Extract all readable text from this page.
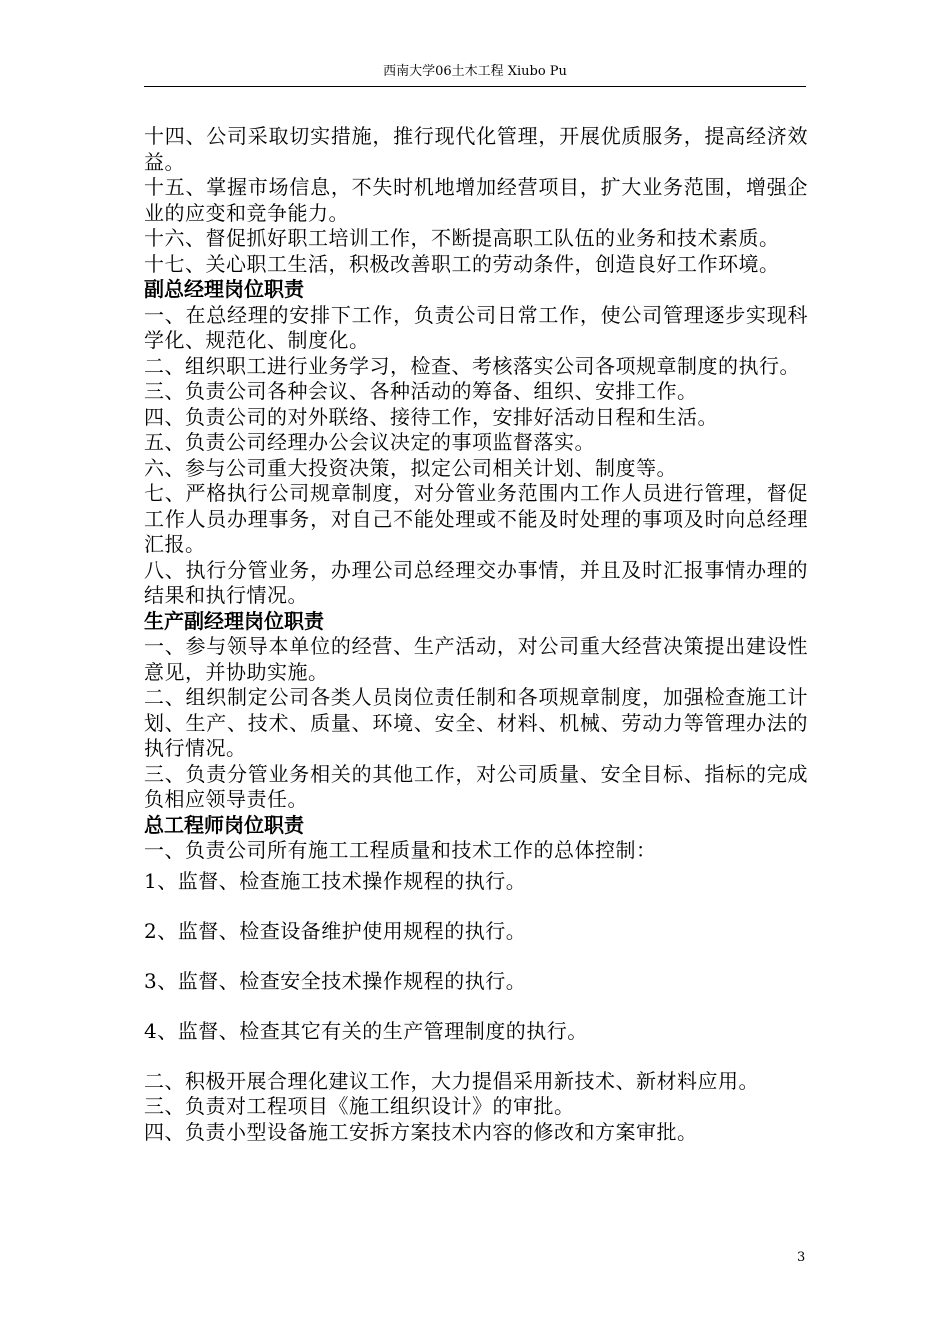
西南大学06土木工程 Xiubo Pu

十四、公司采取切实措施，推行现代化管理，开展优质服务，提高经济效益。

十五、掌握市场信息，不失时机地增加经营项目，扩大业务范围，增强企业的应变和竞争能力。

十六、督促抓好职工培训工作，不断提高职工队伍的业务和技术素质。

十七、关心职工生活，积极改善职工的劳动条件，创造良好工作环境。

副总经理岗位职责

一、在总经理的安排下工作，负责公司日常工作，使公司管理逐步实现科学化、规范化、制度化。

二、组织职工进行业务学习，检查、考核落实公司各项规章制度的执行。

三、负责公司各种会议、各种活动的筹备、组织、安排工作。

四、负责公司的对外联络、接待工作，安排好活动日程和生活。

五、负责公司经理办公会议决定的事项监督落实。

六、参与公司重大投资决策，拟定公司相关计划、制度等。

七、严格执行公司规章制度，对分管业务范围内工作人员进行管理，督促工作人员办理事务，对自己不能处理或不能及时处理的事项及时向总经理汇报。

八、执行分管业务，办理公司总经理交办事情，并且及时汇报事情办理的结果和执行情况。

生产副经理岗位职责

一、参与领导本单位的经营、生产活动，对公司重大经营决策提出建设性意见，并协助实施。

二、组织制定公司各类人员岗位责任制和各项规章制度，加强检查施工计划、生产、技术、质量、环境、安全、材料、机械、劳动力等管理办法的执行情况。

三、负责分管业务相关的其他工作，对公司质量、安全目标、指标的完成负相应领导责任。

总工程师岗位职责

一、负责公司所有施工工程质量和技术工作的总体控制：

1、监督、检查施工技术操作规程的执行。

2、监督、检查设备维护使用规程的执行。

3、监督、检查安全技术操作规程的执行。

4、监督、检查其它有关的生产管理制度的执行。

二、积极开展合理化建议工作，大力提倡采用新技术、新材料应用。

三、负责对工程项目《施工组织设计》的审批。

四、负责小型设备施工安拆方案技术内容的修改和方案审批。

3
